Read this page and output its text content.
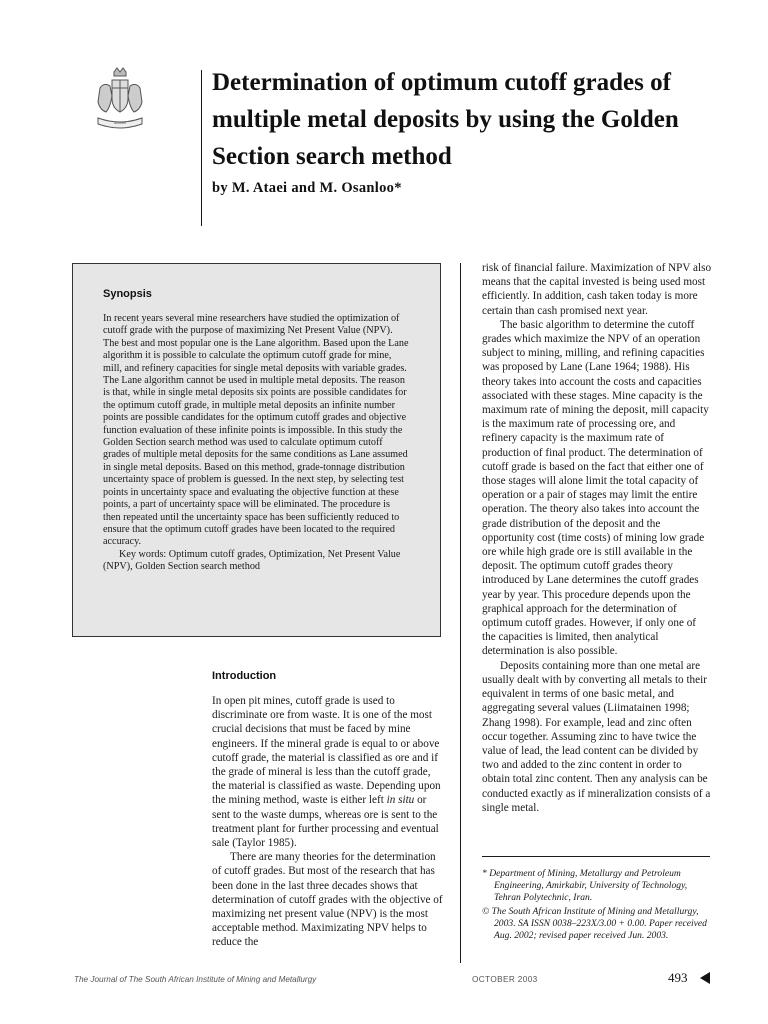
SAIMM
Determination of optimum cutoff grades of multiple metal deposits by using the Golden Section search method

by M. Ataei and M. Osanloo*

Synopsis

In recent years several mine researchers have studied the optimization of cutoff grade with the purpose of maximizing Net Present Value (NPV). The best and most popular one is the Lane algorithm. Based upon the Lane algorithm it is possible to calculate the optimum cutoff grade for mine, mill, and refinery capacities for single metal deposits with variable grades. The Lane algorithm cannot be used in multiple metal deposits. The reason is that, while in single metal deposits six points are possible candidates for the optimum cutoff grade, in multiple metal deposits an infinite number points are possible candidates for the optimum cutoff grades and objective function evaluation of these infinite points is impossible. In this study the Golden Section search method was used to calculate optimum cutoff grades of multiple metal deposits for the same conditions as Lane assumed in single metal deposits. Based on this method, grade-tonnage distribution uncertainty space of problem is guessed. In the next step, by selecting test points in uncertainty space and evaluating the objective function at these points, a part of uncertainty space will be eliminated. The procedure is then repeated until the uncertainty space has been sufficiently reduced to ensure that the optimum cutoff grades have been located to the required accuracy.

Key words: Optimum cutoff grades, Optimization, Net Present Value (NPV), Golden Section search method

Introduction

In open pit mines, cutoff grade is used to discriminate ore from waste. It is one of the most crucial decisions that must be faced by mine engineers. If the mineral grade is equal to or above cutoff grade, the material is classified as ore and if the grade of mineral is less than the cutoff grade, the material is classified as waste. Depending upon the mining method, waste is either left in situ or sent to the waste dumps, whereas ore is sent to the treatment plant for further processing and eventual sale (Taylor 1985).

There are many theories for the determination of cutoff grades. But most of the research that has been done in the last three decades shows that determination of cutoff grades with the objective of maximizing net present value (NPV) is the most acceptable method. Maximizating NPV helps to reduce the

risk of financial failure. Maximization of NPV also means that the capital invested is being used most efficiently. In addition, cash taken today is more certain than cash promised next year.

The basic algorithm to determine the cutoff grades which maximize the NPV of an operation subject to mining, milling, and refining capacities was proposed by Lane (Lane 1964; 1988). His theory takes into account the costs and capacities associated with these stages. Mine capacity is the maximum rate of mining the deposit, mill capacity is the maximum rate of processing ore, and refinery capacity is the maximum rate of production of final product. The determination of cutoff grade is based on the fact that either one of those stages will alone limit the total capacity of operation or a pair of stages may limit the entire operation. The theory also takes into account the grade distribution of the deposit and the opportunity cost (time costs) of mining low grade ore while high grade ore is still available in the deposit. The optimum cutoff grades theory introduced by Lane determines the cutoff grades year by year. This procedure depends upon the graphical approach for the determination of optimum cutoff grades. However, if only one of the capacities is limited, then analytical determination is also possible.

Deposits containing more than one metal are usually dealt with by converting all metals to their equivalent in terms of one basic metal, and aggregating several values (Liimatainen 1998; Zhang 1998). For example, lead and zinc often occur together. Assuming zinc to have twice the value of lead, the lead content can be divided by two and added to the zinc content in order to obtain total zinc content. Then any analysis can be conducted exactly as if mineralization consists of a single metal.

* Department of Mining, Metallurgy and Petroleum Engineering, Amirkabir, University of Technology, Tehran Polytechnic, Iran.

© The South African Institute of Mining and Metallurgy, 2003. SA ISSN 0038–223X/3.00 + 0.00. Paper received Aug. 2002; revised paper received Jun. 2003.

The Journal of The South African Institute of Mining and Metallurgy	OCTOBER 2003	493
